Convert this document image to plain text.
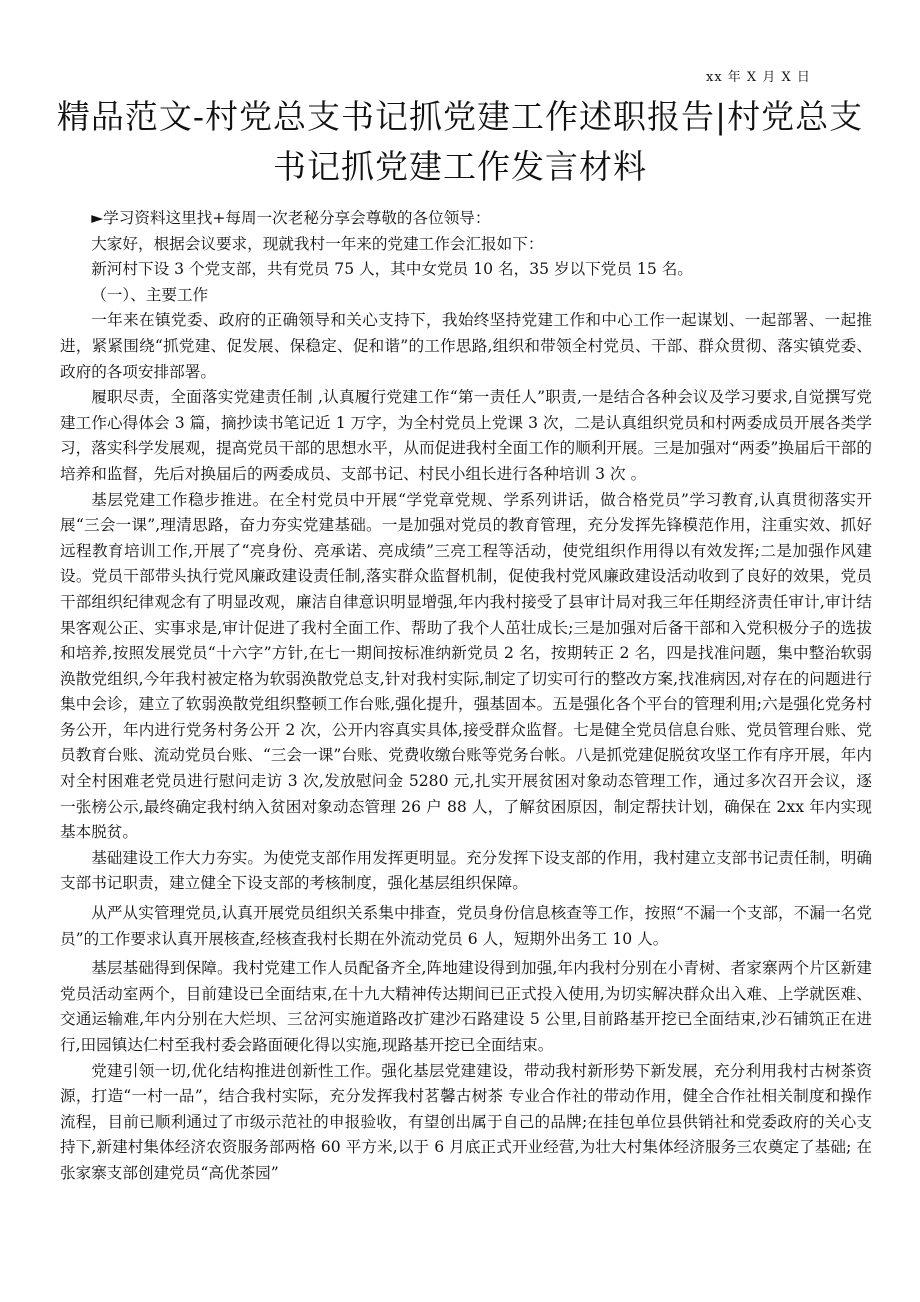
xx 年 X 月 X 日
精品范文-村党总支书记抓党建工作述职报告|村党总支书记抓党建工作发言材料

►学习资料这里找+每周一次老秘分享会尊敬的各位领导：

大家好，根据会议要求，现就我村一年来的党建工作会汇报如下：

新河村下设 3 个党支部，共有党员 75 人，其中女党员 10 名，35 岁以下党员 15 名。

（一）、主要工作

一年来在镇党委、政府的正确领导和关心支持下，我始终坚持党建工作和中心工作一起谋划、一起部署、一起推进，紧紧围绕“抓党建、促发展、保稳定、促和谐”的工作思路,组织和带领全村党员、干部、群众贯彻、落实镇党委、政府的各项安排部署。

履职尽责，全面落实党建责任制 ,认真履行党建工作“第一责任人”职责,一是结合各种会议及学习要求,自觉撰写党建工作心得体会 3 篇，摘抄读书笔记近 1 万字，为全村党员上党课 3 次，二是认真组织党员和村两委成员开展各类学习，落实科学发展观，提高党员干部的思想水平，从而促进我村全面工作的顺利开展。三是加强对“两委”换届后干部的培养和监督，先后对换届后的两委成员、支部书记、村民小组长进行各种培训 3 次 。

基层党建工作稳步推进。在全村党员中开展“学党章党规、学系列讲话，做合格党员”学习教育,认真贯彻落实开展“三会一课”,理清思路，奋力夯实党建基础。一是加强对党员的教育管理，充分发挥先锋模范作用，注重实效、抓好远程教育培训工作,开展了“亮身份、亮承诺、亮成绩”三亮工程等活动，使党组织作用得以有效发挥;二是加强作风建设。党员干部带头执行党风廉政建设责任制,落实群众监督机制，促使我村党风廉政建设活动收到了良好的效果，党员干部组织纪律观念有了明显改观，廉洁自律意识明显增强,年内我村接受了县审计局对我三年任期经济责任审计,审计结果客观公正、实事求是,审计促进了我村全面工作、帮助了我个人茁壮成长;三是加强对后备干部和入党积极分子的选拔和培养,按照发展党员“十六字”方针,在七一期间按标准纳新党员 2 名，按期转正 2 名，四是找准问题，集中整治软弱涣散党组织,今年我村被定格为软弱涣散党总支,针对我村实际,制定了切实可行的整改方案,找准病因,对存在的问题进行集中会诊，建立了软弱涣散党组织整顿工作台账,强化提升，强基固本。五是强化各个平台的管理利用;六是强化党务村务公开，年内进行党务村务公开 2 次，公开内容真实具体,接受群众监督。七是健全党员信息台账、党员管理台账、党员教育台账、流动党员台账、“三会一课”台账、党费收缴台账等党务台帐。八是抓党建促脱贫攻坚工作有序开展，年内对全村困难老党员进行慰问走访 3 次,发放慰问金 5280 元,扎实开展贫困对象动态管理工作，通过多次召开会议，逐一张榜公示,最终确定我村纳入贫困对象动态管理 26 户 88 人，了解贫困原因，制定帮扶计划，确保在 2xx 年内实现基本脱贫。

基础建设工作大力夯实。为使党支部作用发挥更明显。充分发挥下设支部的作用，我村建立支部书记责任制，明确支部书记职责，建立健全下设支部的考核制度，强化基层组织保障。

从严从实管理党员,认真开展党员组织关系集中排查，党员身份信息核查等工作，按照“不漏一个支部，不漏一名党员”的工作要求认真开展核查,经核查我村长期在外流动党员 6 人，短期外出务工 10 人。

基层基础得到保障。我村党建工作人员配备齐全,阵地建设得到加强,年内我村分别在小青树、者家寨两个片区新建党员活动室两个，目前建设已全面结束,在十九大精神传达期间已正式投入使用,为切实解决群众出入难、上学就医难、交通运输难,年内分别在大烂坝、三岔河实施道路改扩建沙石路建设 5 公里,目前路基开挖已全面结束,沙石铺筑正在进行,田园镇达仁村至我村委会路面硬化得以实施,现路基开挖已全面结束。

党建引领一切,优化结构推进创新性工作。强化基层党建建设，带动我村新形势下新发展，充分利用我村古树茶资源，打造“一村一品”，结合我村实际，充分发挥我村茗馨古树茶 专业合作社的带动作用，健全合作社相关制度和操作流程，目前已顺利通过了市级示范社的申报验收，有望创出属于自己的品牌;在挂包单位县供销社和党委政府的关心支持下,新建村集体经济农资服务部两格 60 平方米,以于 6 月底正式开业经营,为壮大村集体经济服务三农奠定了基础; 在张家寨支部创建党员“高优茶园”
